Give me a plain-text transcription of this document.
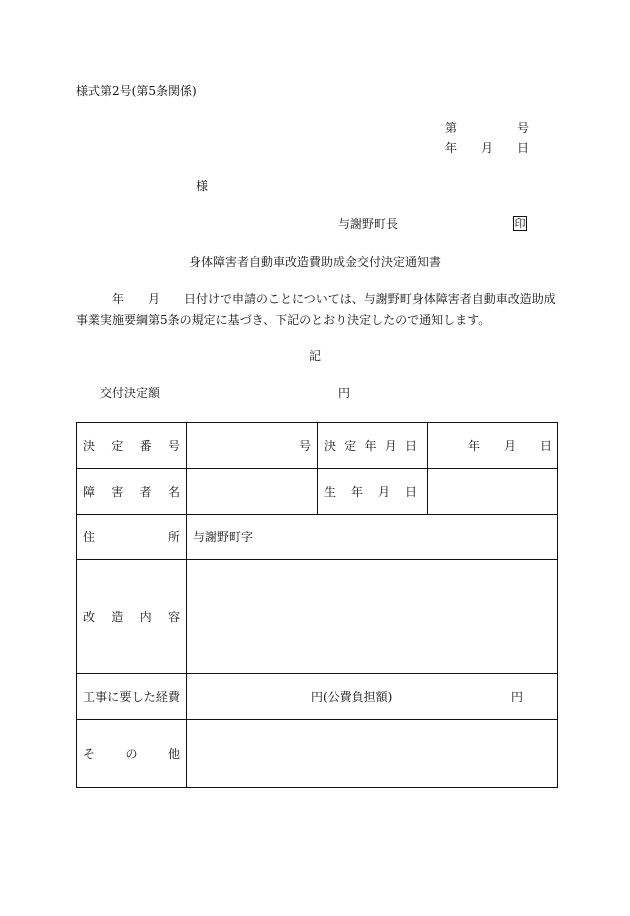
様式第2号(第5条関係)
第　　　　　号
年　　月　　日
様
与謝野町長	印
身体障害者自動車改造費助成金交付決定通知書
　　　年　　月　　日付けで申請のことについては、与謝野町身体障害者自動車改造助成
事業実施要綱第5条の規定に基づき、下記のとおり決定したので通知します。
記
交付決定額	円
決定番号	号	決定年月日	年　　月　　日

障害者名		生年月日	

住所	与謝野町字		

改造内容			

工事に要した経費	円(公費負担額) 円		

その他			
